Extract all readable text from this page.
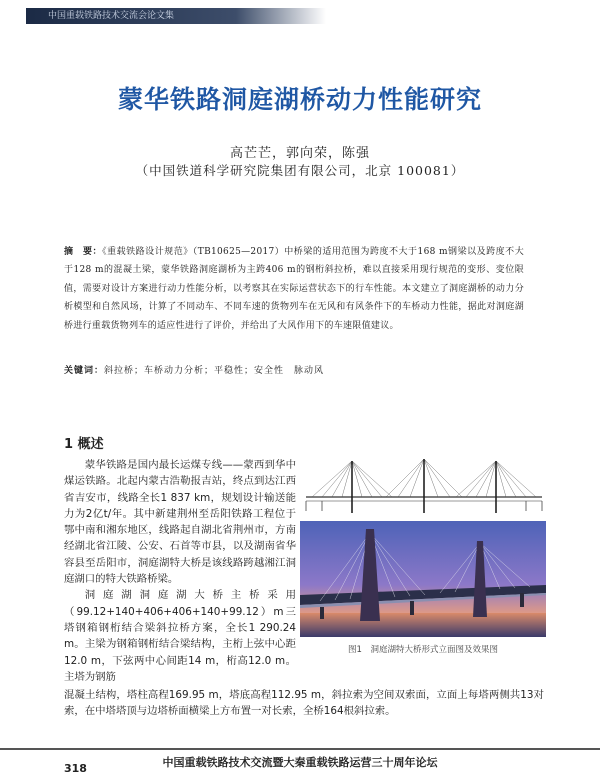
中国重载铁路技术交流会论文集
蒙华铁路洞庭湖桥动力性能研究
高芒芒，郭向荣，陈强
（中国铁道科学研究院集团有限公司，北京 100081）
摘　要：《重载铁路设计规范》（TB10625—2017）中桥梁的适用范围为跨度不大于168 m钢梁以及跨度不大于128 m的混凝土梁，蒙华铁路洞庭湖桥为主跨406 m的钢桁斜拉桥，难以直接采用现行规范的变形、变位限值，需要对设计方案进行动力性能分析，以考察其在实际运营状态下的行车性能。本文建立了洞庭湖桥的动力分析模型和自然风场，计算了不同动车、不同车速的货物列车在无风和有风条件下的车桥动力性能，据此对洞庭湖桥进行重载货物列车的适应性进行了评价，并给出了大风作用下的车速限值建议。
关键词：斜拉桥；车桥动力分析；平稳性；安全性　脉动风
1 概述

蒙华铁路是国内最长运煤专线——蒙西到华中煤运铁路。北起内蒙古浩勒报吉站，终点到达江西省吉安市，线路全长1 837 km，规划设计输送能力为2亿t/年。其中新建荆州至岳阳铁路工程位于鄂中南和湘东地区，线路起自湖北省荆州市，方南经湖北省江陵、公安、石首等市县，以及湖南省华容县至岳阳市，洞庭湖特大桥是该线路跨越湘江洞庭湖口的特大铁路桥梁。

洞庭湖洞庭湖大桥主桥采用（99.12+140+406+406+140+99.12）m三塔钢箱钢桁结合梁斜拉桥方案，全长1 290.24 m。主梁为钢箱钢桁结合梁结构，主桁上弦中心距12.0 m，下弦两中心间距14 m，桁高12.0 m。主塔为钢筋

图1　洞庭湖特大桥形式立面图及效果图

混凝土结构，塔柱高程169.95 m，塔底高程112.95 m，斜拉索为空间双索面，立面上每塔两侧共13对索，在中塔塔顶与边塔桥面横梁上方布置一对长索，全桥164根斜拉索。

中国重载铁路技术交流暨大秦重载铁路运营三十周年论坛
318
